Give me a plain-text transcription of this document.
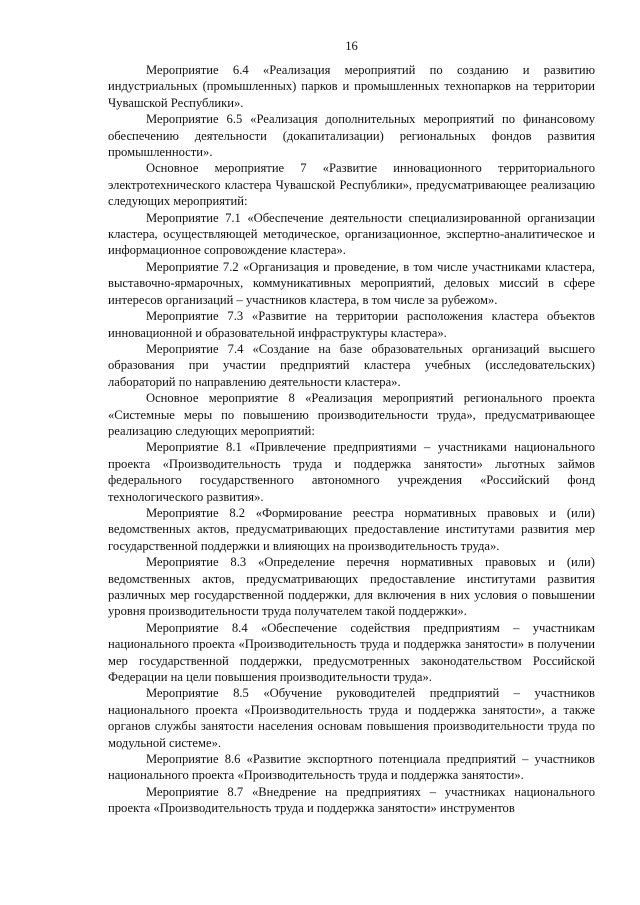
16

Мероприятие 6.4 «Реализация мероприятий по созданию и развитию индустриальных (промышленных) парков и промышленных технопарков на территории Чувашской Республики».

Мероприятие 6.5 «Реализация дополнительных мероприятий по финансовому обеспечению деятельности (докапитализации) региональных фондов развития промышленности».

Основное мероприятие 7 «Развитие инновационного территориального электротехнического кластера Чувашской Республики», предусматривающее реализацию следующих мероприятий:

Мероприятие 7.1 «Обеспечение деятельности специализированной организации кластера, осуществляющей методическое, организационное, экспертно-аналитическое и информационное сопровождение кластера».

Мероприятие 7.2 «Организация и проведение, в том числе участниками кластера, выставочно-ярмарочных, коммуникативных мероприятий, деловых миссий в сфере интересов организаций – участников кластера, в том числе за рубежом».

Мероприятие 7.3 «Развитие на территории расположения кластера объектов инновационной и образовательной инфраструктуры кластера».

Мероприятие 7.4 «Создание на базе образовательных организаций высшего образования при участии предприятий кластера учебных (исследовательских) лабораторий по направлению деятельности кластера».

Основное мероприятие 8 «Реализация мероприятий регионального проекта «Системные меры по повышению производительности труда», предусматривающее реализацию следующих мероприятий:

Мероприятие 8.1 «Привлечение предприятиями – участниками национального проекта «Производительность труда и поддержка занятости» льготных займов федерального государственного автономного учреждения «Российский фонд технологического развития».

Мероприятие 8.2 «Формирование реестра нормативных правовых и (или) ведомственных актов, предусматривающих предоставление институтами развития мер государственной поддержки и влияющих на производительность труда».

Мероприятие 8.3 «Определение перечня нормативных правовых и (или) ведомственных актов, предусматривающих предоставление институтами развития различных мер государственной поддержки, для включения в них условия о повышении уровня производительности труда получателем такой поддержки».

Мероприятие 8.4 «Обеспечение содействия предприятиям – участникам национального проекта «Производительность труда и поддержка занятости» в получении мер государственной поддержки, предусмотренных законодательством Российской Федерации на цели повышения производительности труда».

Мероприятие 8.5 «Обучение руководителей предприятий – участников национального проекта «Производительность труда и поддержка занятости», а также органов службы занятости населения основам повышения производительности труда по модульной системе».

Мероприятие 8.6 «Развитие экспортного потенциала предприятий – участников национального проекта «Производительность труда и поддержка занятости».

Мероприятие 8.7 «Внедрение на предприятиях – участниках национального проекта «Производительность труда и поддержка занятости» инструментов
